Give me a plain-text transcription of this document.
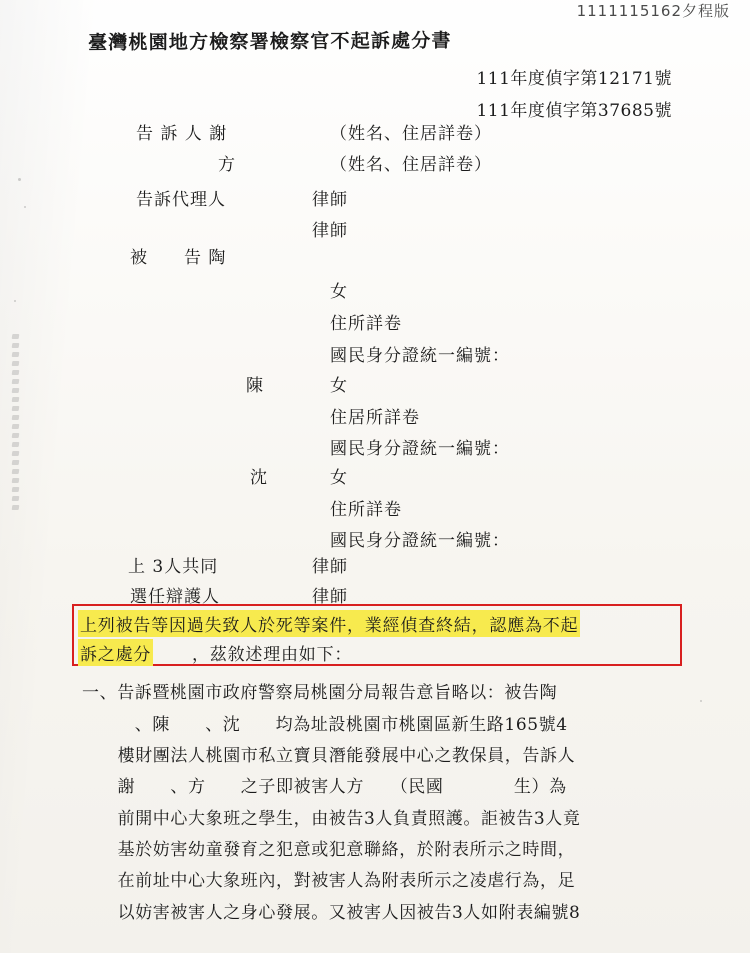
1111115162夕程版
臺灣桃園地方檢察署檢察官不起訴處分書
111年度偵字第12171號
111年度偵字第37685號
告 訴 人 謝	（姓名、住居詳卷）
方	（姓名、住居詳卷）
告訴代理人	律師
律師
被　　告 陶
女
住所詳卷
國民身分證統一編號：
陳	女
住居所詳卷
國民身分證統一編號：
沈	女
住所詳卷
國民身分證統一編號：
上 3人共同	律師
選任辯護人	律師
上列被告等因過失致人於死等案件，業經偵查終結，認應為不起
訴之處分 ，茲敘述理由如下：
一、告訴暨桃園市政府警察局桃園分局報告意旨略以：被告陶
　　　、陳　　、沈　　均為址設桃園市桃園區新生路165號4
　樓財團法人桃園市私立寶貝潛能發展中心之教保員，告訴人
　謝　　、方　　之子即被害人方　　（民國　　　　生）為
　前開中心大象班之學生，由被告3人負責照護。詎被告3人竟
　基於妨害幼童發育之犯意或犯意聯絡，於附表所示之時間，
　在前址中心大象班內，對被害人為附表所示之凌虐行為，足
　以妨害被害人之身心發展。又被害人因被告3人如附表編號8
